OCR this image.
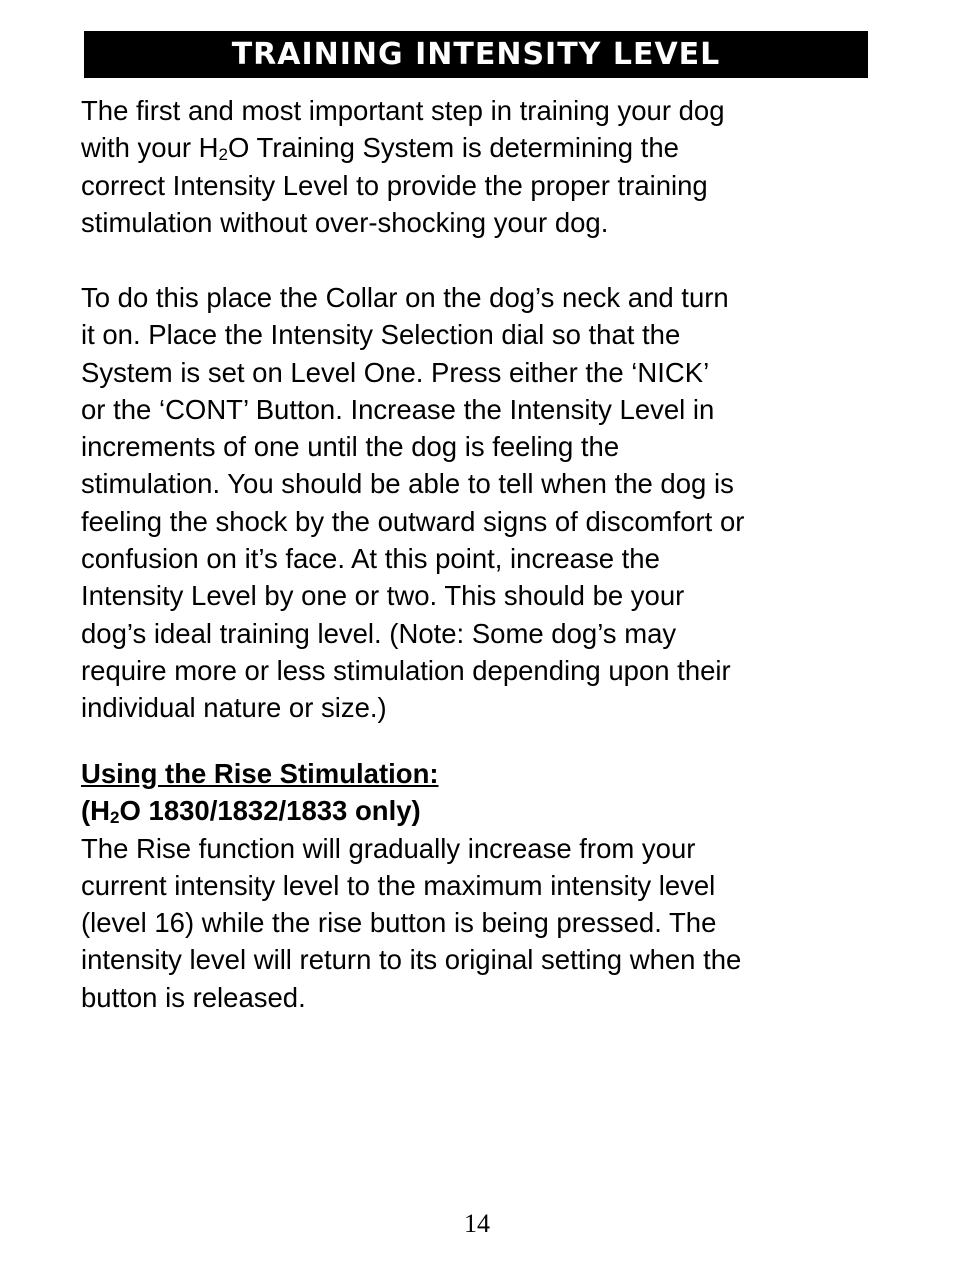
TRAINING INTENSITY LEVEL
The first and most important step in training your dog
with your $H_2O$ Training System is determining the
correct Intensity Level to provide the proper training
stimulation without over-shocking your dog.
To do this place the Collar on the dog’s neck and turn
it on. Place the Intensity Selection dial so that the
System is set on Level One. Press either the ‘NICK’
or the ‘CONT’ Button. Increase the Intensity Level in
increments of one until the dog is feeling the
stimulation. You should be able to tell when the dog is
feeling the shock by the outward signs of discomfort or
confusion on it’s face. At this point, increase the
Intensity Level by one or two. This should be your
dog’s ideal training level. (Note: Some dog’s may
require more or less stimulation depending upon their
individual nature or size.)
Using the Rise Stimulation:
($H_2O$ 1830/1832/1833 only)
The Rise function will gradually increase from your
current intensity level to the maximum intensity level
(level 16) while the rise button is being pressed. The
intensity level will return to its original setting when the
button is released.
14
